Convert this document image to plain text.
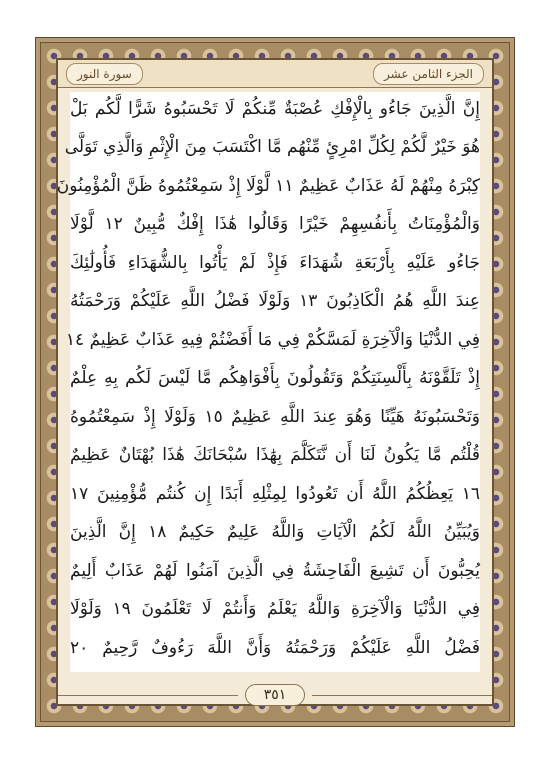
سورة النور	الجزء الثامن عشر
إِنَّ الَّذِينَ جَاءُو بِالْإِفْكِ عُصْبَةٌ مِّنكُمْ لَا تَحْسَبُوهُ شَرًّا لَّكُم بَلْ
هُوَ خَيْرٌ لَّكُمْ لِكُلِّ امْرِئٍ مِّنْهُم مَّا اكْتَسَبَ مِنَ الْإِثْمِ وَالَّذِي تَوَلَّى
كِبْرَهُ مِنْهُمْ لَهُ عَذَابٌ عَظِيمٌ ١١ لَّوْلَا إِذْ سَمِعْتُمُوهُ ظَنَّ الْمُؤْمِنُونَ
وَالْمُؤْمِنَاتُ بِأَنفُسِهِمْ خَيْرًا وَقَالُوا هَٰذَا إِفْكٌ مُّبِينٌ ١٢ لَّوْلَا
جَاءُو عَلَيْهِ بِأَرْبَعَةِ شُهَدَاءَ فَإِذْ لَمْ يَأْتُوا بِالشُّهَدَاءِ فَأُولَٰئِكَ
عِندَ اللَّهِ هُمُ الْكَاذِبُونَ ١٣ وَلَوْلَا فَضْلُ اللَّهِ عَلَيْكُمْ وَرَحْمَتُهُ
فِي الدُّنْيَا وَالْآخِرَةِ لَمَسَّكُمْ فِي مَا أَفَضْتُمْ فِيهِ عَذَابٌ عَظِيمٌ ١٤
إِذْ تَلَقَّوْنَهُ بِأَلْسِنَتِكُمْ وَتَقُولُونَ بِأَفْوَاهِكُم مَّا لَيْسَ لَكُم بِهِ عِلْمٌ
وَتَحْسَبُونَهُ هَيِّنًا وَهُوَ عِندَ اللَّهِ عَظِيمٌ ١٥ وَلَوْلَا إِذْ سَمِعْتُمُوهُ
قُلْتُم مَّا يَكُونُ لَنَا أَن نَّتَكَلَّمَ بِهَٰذَا سُبْحَانَكَ هَٰذَا بُهْتَانٌ عَظِيمٌ
١٦ يَعِظُكُمُ اللَّهُ أَن تَعُودُوا لِمِثْلِهِ أَبَدًا إِن كُنتُم مُّؤْمِنِينَ ١٧
وَيُبَيِّنُ اللَّهُ لَكُمُ الْآيَاتِ وَاللَّهُ عَلِيمٌ حَكِيمٌ ١٨ إِنَّ الَّذِينَ
يُحِبُّونَ أَن تَشِيعَ الْفَاحِشَةُ فِي الَّذِينَ آمَنُوا لَهُمْ عَذَابٌ أَلِيمٌ
فِي الدُّنْيَا وَالْآخِرَةِ وَاللَّهُ يَعْلَمُ وَأَنتُمْ لَا تَعْلَمُونَ ١٩ وَلَوْلَا
فَضْلُ اللَّهِ عَلَيْكُمْ وَرَحْمَتُهُ وَأَنَّ اللَّهَ رَءُوفٌ رَّحِيمٌ ٢٠
٣٥١
